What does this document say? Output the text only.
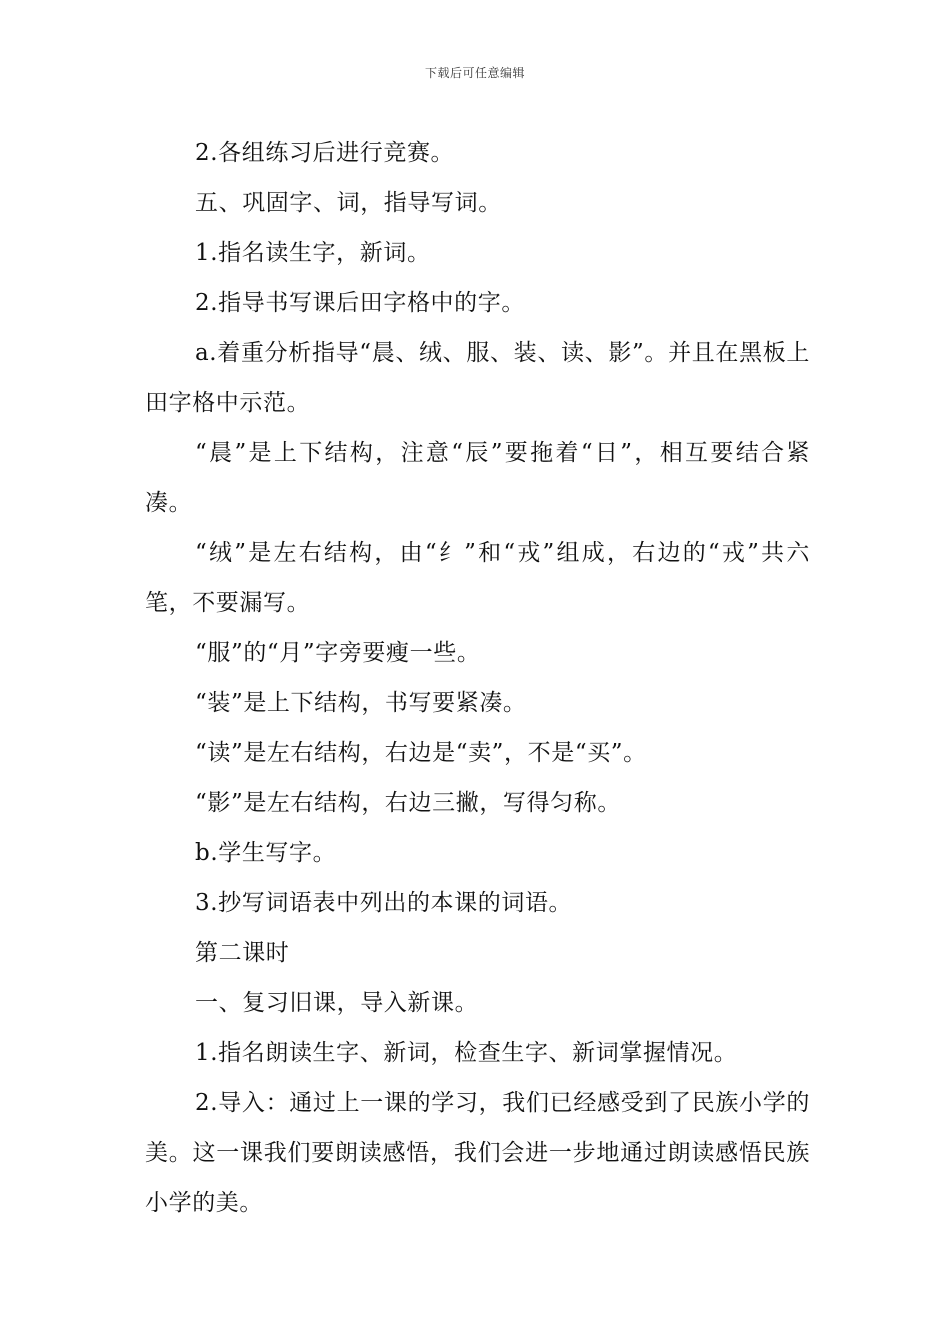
下载后可任意编辑

2.各组练习后进行竞赛。

五、巩固字、词，指导写词。

1.指名读生字，新词。

2.指导书写课后田字格中的字。

a.着重分析指导“晨、绒、服、装、读、影”。并且在黑板上田字格中示范。

“晨”是上下结构，注意“辰”要拖着“日”，相互要结合紧凑。

“绒”是左右结构，由“纟”和“戎”组成，右边的“戎”共六笔，不要漏写。

“服”的“月”字旁要瘦一些。

“装”是上下结构，书写要紧凑。

“读”是左右结构，右边是“卖”，不是“买”。

“影”是左右结构，右边三撇，写得匀称。

b.学生写字。

3.抄写词语表中列出的本课的词语。

第二课时

一、复习旧课，导入新课。

1.指名朗读生字、新词，检查生字、新词掌握情况。

2.导入：通过上一课的学习，我们已经感受到了民族小学的美。这一课我们要朗读感悟，我们会进一步地通过朗读感悟民族小学的美。
